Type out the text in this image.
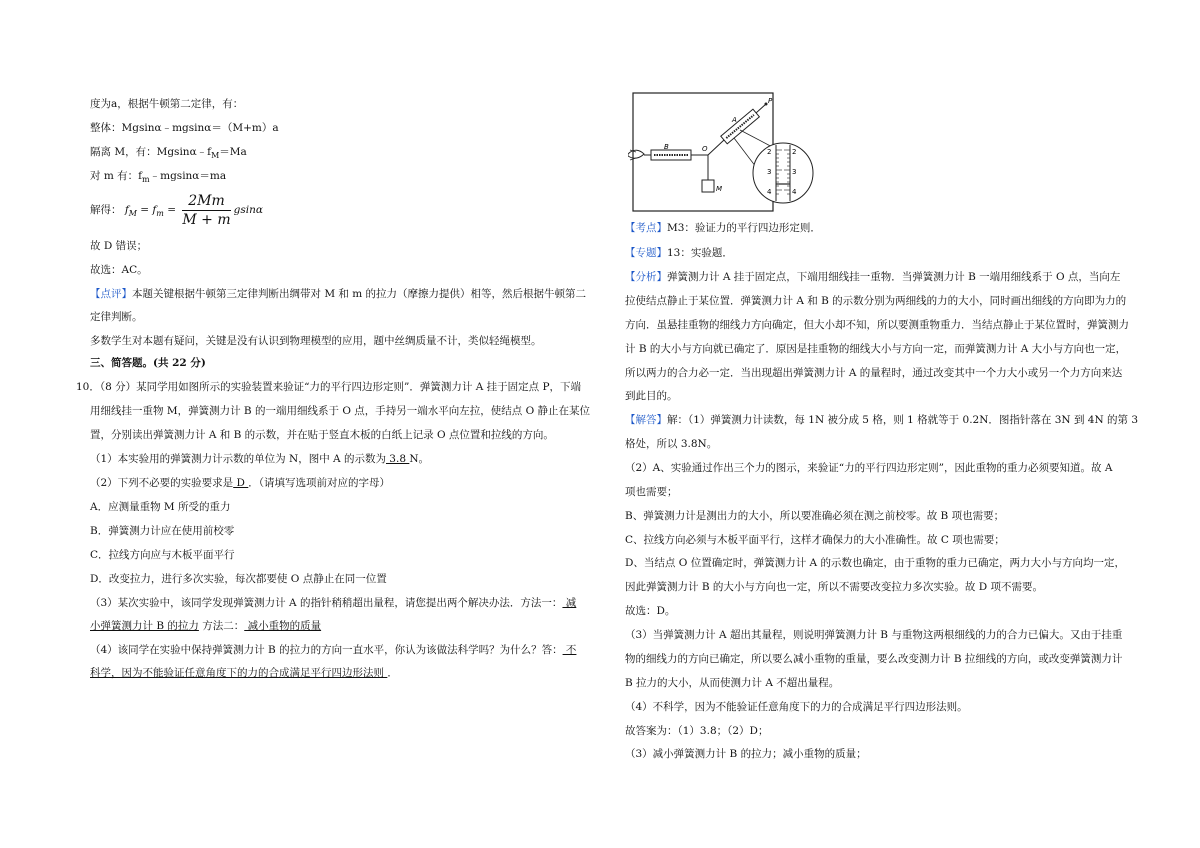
度为a，根据牛顿第二定律，有：
整体：Mgsinα﹣mgsinα＝（M+m）a
隔离 M，有：$Mgsin\alpha﹣f_M=Ma$
对 m 有：$f_m﹣mgsin\alpha=ma$
解得： $f_M = f_m = \frac{2Mm}{M + m}$ gsinα
故 D 错误；
故选：AC。
【点评】本题关键根据牛顿第三定律判断出绸带对 M 和 m 的拉力（摩擦力提供）相等，然后根据牛顿第二
定律判断。
多数学生对本题有疑问，关键是没有认识到物理模型的应用，题中丝绸质量不计，类似轻绳模型。
三、简答题。(共 22 分)
10．（8 分）某同学用如图所示的实验装置来验证“力的平行四边形定则”．弹簧测力计 A 挂于固定点 P，下端
用细线挂一重物 M，弹簧测力计 B 的一端用细线系于 O 点，手持另一端水平向左拉，使结点 O 静止在某位
置，分别读出弹簧测力计 A 和 B 的示数，并在贴于竖直木板的白纸上记录 O 点位置和拉线的方向。
（1）本实验用的弹簧测力计示数的单位为 N，图中 A 的示数为 3.8 N。
（2）下列不必要的实验要求是 D ．（请填写选项前对应的字母）
A．应测量重物 M 所受的重力
B．弹簧测力计应在使用前校零
C．拉线方向应与木板平面平行
D．改变拉力，进行多次实验，每次都要使 O 点静止在同一位置
（3）某次实验中，该同学发现弹簧测力计 A 的指针稍稍超出量程，请您提出两个解决办法．方法一： 减
小弹簧测力计 B 的拉力 方法二： 减小重物的质量
（4）该同学在实验中保持弹簧测力计 B 的拉力的方向一直水平，你认为该做法科学吗？为什么？答： 不
科学，因为不能验证任意角度下的力的合成满足平行四边形法则 ．
B	O
M
P
A
2
3
4
2
3
4
【考点】M3：验证力的平行四边形定则．
【专题】13：实验题．
【分析】弹簧测力计 A 挂于固定点，下端用细线挂一重物．当弹簧测力计 B 一端用细线系于 O 点，当向左
拉使结点静止于某位置．弹簧测力计 A 和 B 的示数分别为两细线的力的大小，同时画出细线的方向即为力的
方向．虽悬挂重物的细线力方向确定，但大小却不知，所以要测重物重力．当结点静止于某位置时，弹簧测力
计 B 的大小与方向就已确定了．原因是挂重物的细线大小与方向一定，而弹簧测力计 A 大小与方向也一定，
所以两力的合力必一定．当出现超出弹簧测力计 A 的量程时，通过改变其中一个力大小或另一个力方向来达
到此目的。
【解答】解：（1）弹簧测力计读数，每 1N 被分成 5 格，则 1 格就等于 0.2N．图指针落在 3N 到 4N 的第 3
格处，所以 3.8N。
（2）A、实验通过作出三个力的图示，来验证“力的平行四边形定则”，因此重物的重力必须要知道。故 A
项也需要；
B、弹簧测力计是测出力的大小，所以要准确必须在测之前校零。故 B 项也需要；
C、拉线方向必须与木板平面平行，这样才确保力的大小准确性。故 C 项也需要；
D、当结点 O 位置确定时，弹簧测力计 A 的示数也确定，由于重物的重力已确定，两力大小与方向均一定，
因此弹簧测力计 B 的大小与方向也一定，所以不需要改变拉力多次实验。故 D 项不需要。
故选：D。
（3）当弹簧测力计 A 超出其量程，则说明弹簧测力计 B 与重物这两根细线的力的合力已偏大。又由于挂重
物的细线力的方向已确定，所以要么减小重物的重量，要么改变测力计 B 拉细线的方向，或改变弹簧测力计
B 拉力的大小，从而使测力计 A 不超出量程。
（4）不科学，因为不能验证任意角度下的力的合成满足平行四边形法则。
故答案为：（1）3.8；（2）D；
（3）减小弹簧测力计 B 的拉力；减小重物的质量；
